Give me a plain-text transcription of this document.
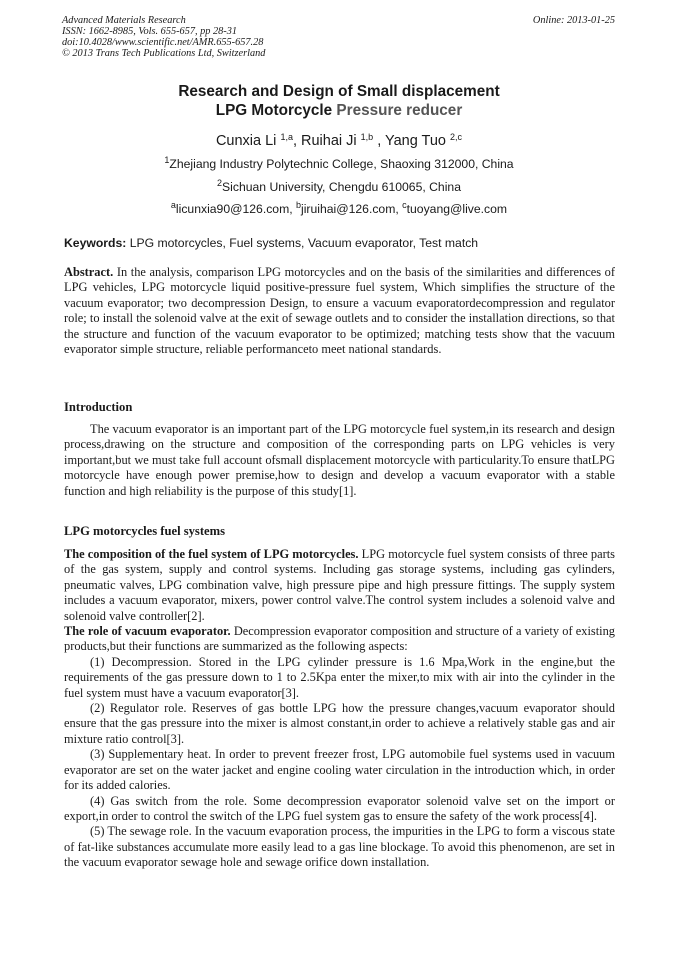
Advanced Materials Research
ISSN: 1662-8985, Vols. 655-657, pp 28-31
doi:10.4028/www.scientific.net/AMR.655-657.28
© 2013 Trans Tech Publications Ltd, Switzerland
Online: 2013-01-25
Research and Design of Small displacement
LPG Motorcycle Pressure reducer
Cunxia Li $^{1,a}$, Ruihai Ji $^{1,b}$ , Yang Tuo $^{2,c}$
$^1$Zhejiang Industry Polytechnic College, Shaoxing 312000, China
$^2$Sichuan University, Chengdu 610065, China
$^a$licunxia90@126.com, $^b$jiruihai@126.com, $^c$tuoyang@live.com
Keywords: LPG motorcycles, Fuel systems, Vacuum evaporator, Test match

Abstract. In the analysis, comparison LPG motorcycles and on the basis of the similarities and differences of LPG vehicles, LPG motorcycle liquid positive-pressure fuel system, Which simplifies the structure of the vacuum evaporator; two decompression Design, to ensure a vacuum evaporatordecompression and regulator role; to install the solenoid valve at the exit of sewage outlets and to consider the installation directions, so that the structure and function of the vacuum evaporator to be optimized; matching tests show that the vacuum evaporator simple structure, reliable performanceto meet national standards.

Introduction

The vacuum evaporator is an important part of the LPG motorcycle fuel system,in its research and design process,drawing on the structure and composition of the corresponding parts on LPG vehicles is very important,but we must take full account ofsmall displacement motorcycle with particularity.To ensure thatLPG motorcycle have enough power premise,how to design and develop a vacuum evaporator with a stable function and high reliability is the purpose of this study[1].

LPG motorcycles fuel systems

The composition of the fuel system of LPG motorcycles. LPG motorcycle fuel system consists of three parts of the gas system, supply and control systems. Including gas storage systems, including gas cylinders, pneumatic valves, LPG combination valve, high pressure pipe and high pressure fittings. The supply system includes a vacuum evaporator, mixers, power control valve.The control system includes a solenoid valve and solenoid valve controller[2].

The role of vacuum evaporator. Decompression evaporator composition and structure of a variety of existing products,but their functions are summarized as the following aspects:

(1) Decompression. Stored in the LPG cylinder pressure is 1.6 Mpa,Work in the engine,but the requirements of the gas pressure down to 1 to 2.5Kpa enter the mixer,to mix with air into the cylinder in the fuel system must have a vacuum evaporator[3].

(2) Regulator role. Reserves of gas bottle LPG how the pressure changes,vacuum evaporator should ensure that the gas pressure into the mixer is almost constant,in order to achieve a relatively stable gas and air mixture ratio control[3].

(3) Supplementary heat. In order to prevent freezer frost, LPG automobile fuel systems used in vacuum evaporator are set on the water jacket and engine cooling water circulation in the introduction which, in order for its added calories.

(4) Gas switch from the role. Some decompression evaporator solenoid valve set on the import or export,in order to control the switch of the LPG fuel system gas to ensure the safety of the work process[4].

(5) The sewage role. In the vacuum evaporation process, the impurities in the LPG to form a viscous state of fat-like substances accumulate more easily lead to a gas line blockage. To avoid this phenomenon, are set in the vacuum evaporator sewage hole and sewage orifice down installation.
